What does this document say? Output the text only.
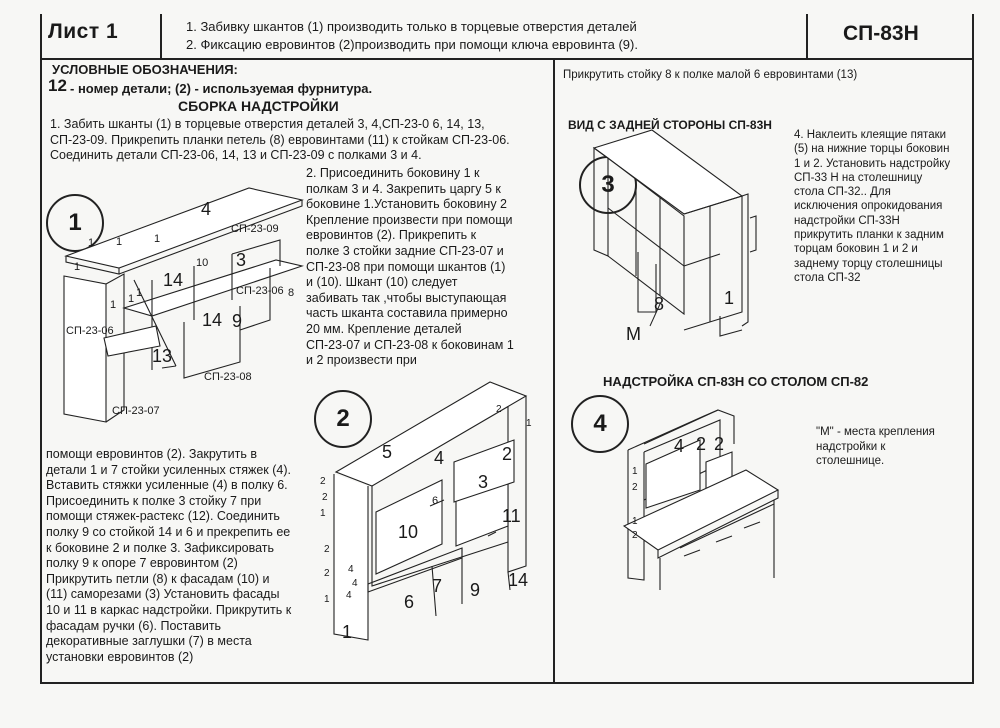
Лист 1	1. Забивку шкантов (1) производить только в торцевые отверстия деталей
2. Фиксацию евровинтов (2)производить при помощи ключа евровинта (9).	СП-83Н
УСЛОВНЫЕ ОБОЗНАЧЕНИЯ:
12 - номер детали; (2) - используемая фурнитура.
СБОРКА НАДСТРОЙКИ
1. Забить шканты (1) в торцевые отверстия деталей 3, 4,СП-23-0 6, 14, 13,
СП-23-09. Прикрепить планки петель (8) евровинтами (11) к стойкам СП-23-06.
Соединить детали СП-23-06, 14, 13 и СП-23-09 с полками 3 и 4.
2. Присоединить боковину 1 к
полкам 3 и 4. Закрепить царгу 5 к
боковине 1.Установить боковину 2
Крепление произвести при помощи
евровинтов (2). Прикрепить к
полке 3 стойки задние СП-23-07 и
СП-23-08 при помощи шкантов (1)
и (10). Шкант (10) следует
забивать так ,чтобы выступающая
часть шканта составила примерно
20 мм. Крепление деталей
СП-23-07 и СП-23-08 к боковинам 1
и 2 произвести при
помощи евровинтов (2). Закрутить в
детали 1 и 7 стойки усиленных стяжек (4).
Вставить стяжки усиленные (4) в полку 6.
Присоединить к полке 3 стойку 7 при
помощи стяжек-растекс (12). Соединить
полку 9 со стойкой 14 и 6 и прекрепить ее
к боковине 2 и полке 3. Зафиксировать
полку 9 к опоре 7 евровинтом (2)
Прикрутить петли (8) к фасадам (10) и
(11) саморезами (3) Установить фасады
10 и 11 в каркас надстройки. Прикрутить к
фасадам ручки (6). Поставить
декоративные заглушки (7) в места
установки евровинтов (2)
Прикрутить стойку 8 к полке малой 6 евровинтами (13)
ВИД С ЗАДНЕЙ СТОРОНЫ СП-83Н
4. Наклеить клеящие пятаки
(5) на нижние торцы боковин
1 и 2. Установить надстройку
СП-33 Н на столешницу
стола СП-32.. Для
исключения опрокидования
надстройки СП-33Н
прикрутить планки к задним
торцам боковин 1 и 2 и
заднему торцу столешницы
стола СП-32
НАДСТРОЙКА СП-83Н СО СТОЛОМ СП-82
"М" - места крепления
надстройки к
столешнице.
1
2
3
4
1 1	1
1 1 1
1
4
3
14
14 9
13
10
8
СП-23-09
СП-23-06
СП-23-06
СП-23-08
СП-23-07
2
2
1
2
2
1
2
1
4
4
4
5 4	2
3
10
11
6
6
7 9 14
1
8	1
М
1
2
1
2
4 2 2
